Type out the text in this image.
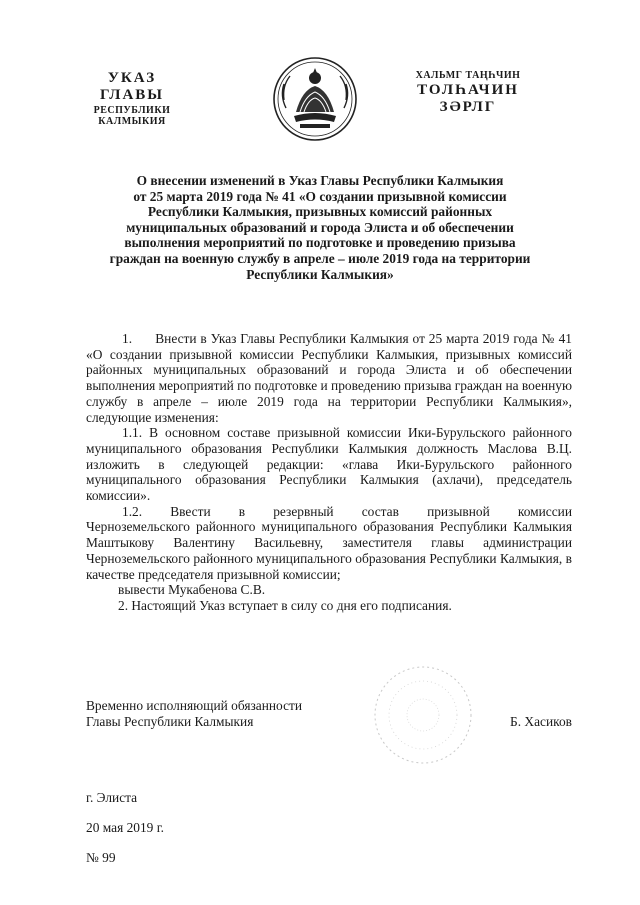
УКАЗ
ГЛАВЫ
РЕСПУБЛИКИ КАЛМЫКИЯ
ХАЛЬМГ ТАҢҺЧИН
ТОЛҺАЧИН
ЗӘРЛГ
О внесении изменений в Указ Главы Республики Калмыкия
от 25 марта 2019 года № 41 «О создании призывной комиссии
Республики Калмыкия, призывных комиссий районных
муниципальных образований и города Элиста и об обеспечении
выполнения мероприятий по подготовке и проведению призыва
граждан на военную службу в апреле – июле 2019 года на территории
Республики Калмыкия»

1.      Внести в Указ Главы Республики Калмыкия от 25 марта 2019 года № 41 «О создании призывной комиссии Республики Калмыкия, призывных комиссий районных муниципальных образований и города Элиста и об обеспечении выполнения мероприятий по подготовке и проведению призыва граждан на военную службу в апреле – июле 2019 года на территории Республики Калмыкия», следующие изменения:

1.1. В основном составе призывной комиссии Ики-Бурульского районного муниципального образования Республики Калмыкия должность Маслова В.Ц. изложить в следующей редакции: «глава Ики-Бурульского районного муниципального образования Республики Калмыкия (ахлачи), председатель комиссии».

1.2.    Ввести    в    резервный    состав    призывной    комиссии Черноземельского районного муниципального образования Республики Калмыкия Маштыкову Валентину Васильевну, заместителя главы администрации Черноземельского районного муниципального образования Республики Калмыкия, в качестве председателя призывной комиссии;

вывести Мукабенова С.В.

2. Настоящий Указ вступает в силу со дня его подписания.

Временно исполняющий обязанности
Главы Республики Калмыкия	Б. Хасиков
г. Элиста
20 мая 2019 г.
№ 99
